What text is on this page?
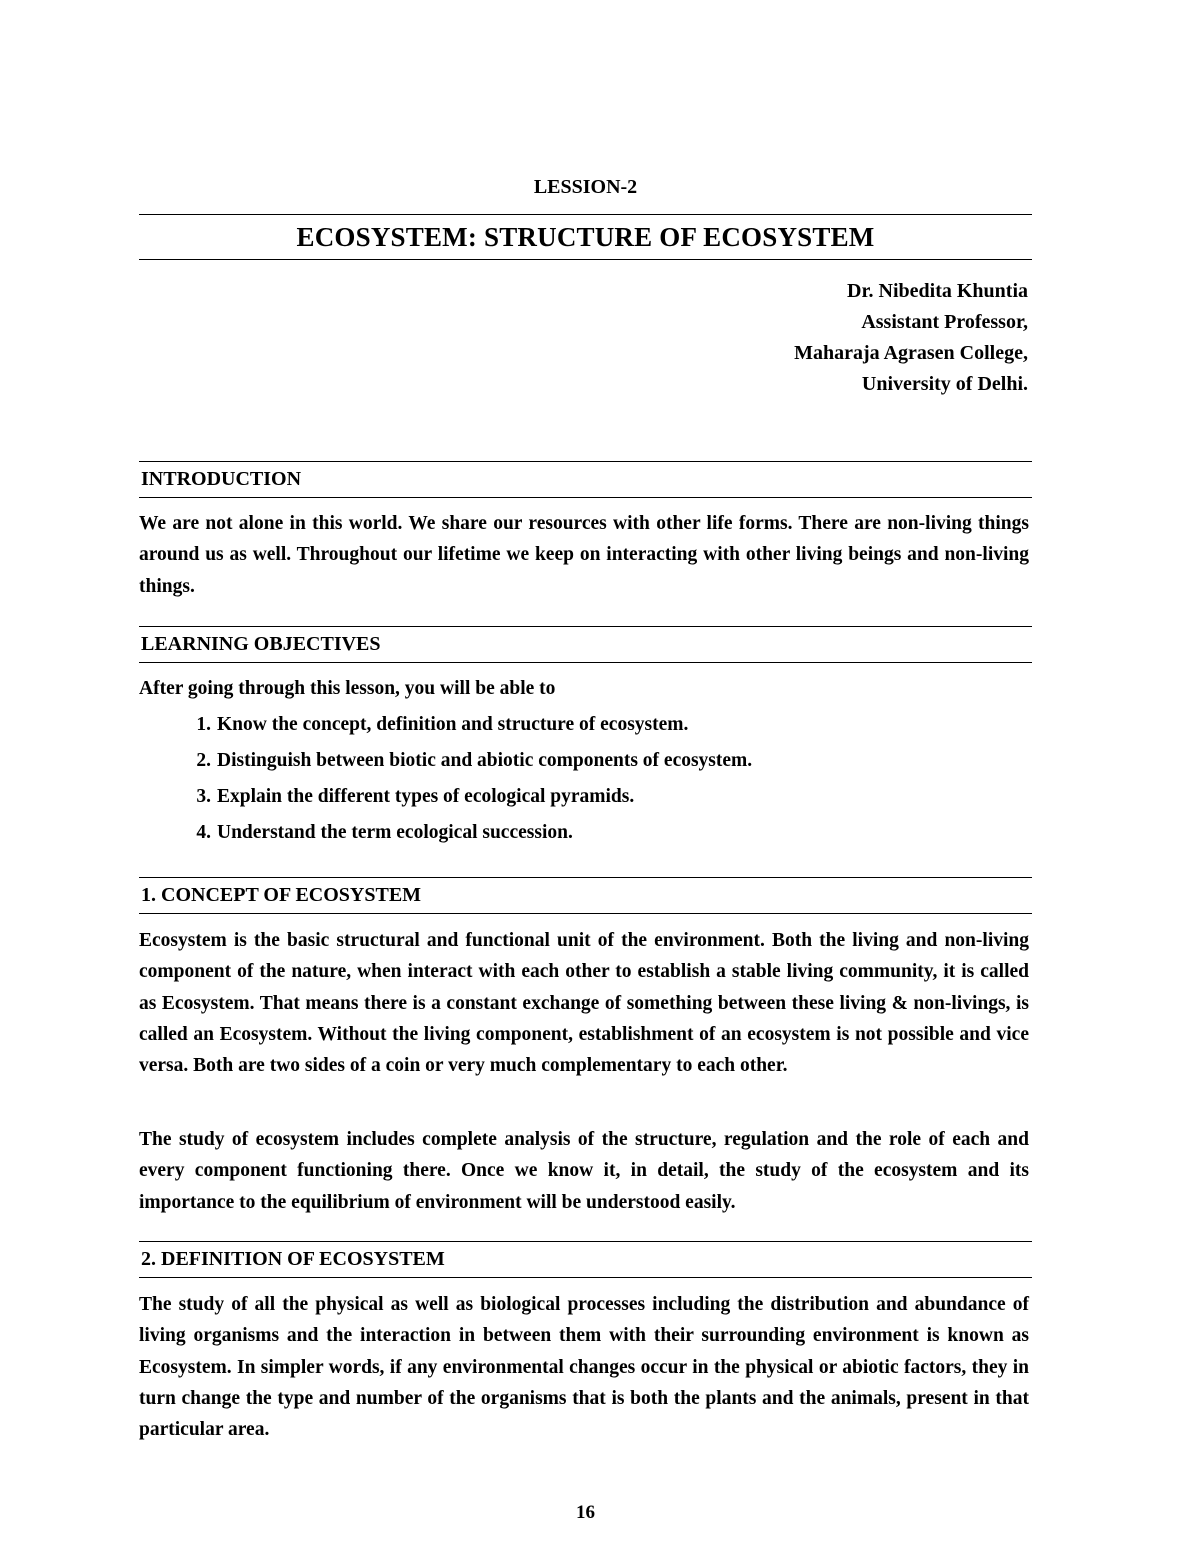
LESSION-2
ECOSYSTEM: STRUCTURE OF ECOSYSTEM
Dr. Nibedita Khuntia
Assistant Professor,
Maharaja Agrasen College,
University of Delhi.
INTRODUCTION

We are not alone in this world. We share our resources with other life forms. There are non-living things around us as well. Throughout our lifetime we keep on interacting with other living beings and non-living things.

LEARNING OBJECTIVES

After going through this lesson, you will be able to

1. Know the concept, definition and structure of ecosystem.
2. Distinguish between biotic and abiotic components of ecosystem.
3. Explain the different types of ecological pyramids.
4. Understand the term ecological succession.
1. CONCEPT OF ECOSYSTEM

Ecosystem is the basic structural and functional unit of the environment. Both the living and non-living component of the nature, when interact with each other to establish a stable living community, it is called as Ecosystem. That means there is a constant exchange of something between these living & non-livings, is called an Ecosystem. Without the living component, establishment of an ecosystem is not possible and vice versa. Both are two sides of a coin or very much complementary to each other.

The study of ecosystem includes complete analysis of the structure, regulation and the role of each and every component functioning there. Once we know it, in detail, the study of the ecosystem and its importance to the equilibrium of environment will be understood easily.

2. DEFINITION OF ECOSYSTEM

The study of all the physical as well as biological processes including the distribution and abundance of living organisms and the interaction in between them with their surrounding environment is known as Ecosystem. In simpler words, if any environmental changes occur in the physical or abiotic factors, they in turn change the type and number of the organisms that is both the plants and the animals, present in that particular area.

16
